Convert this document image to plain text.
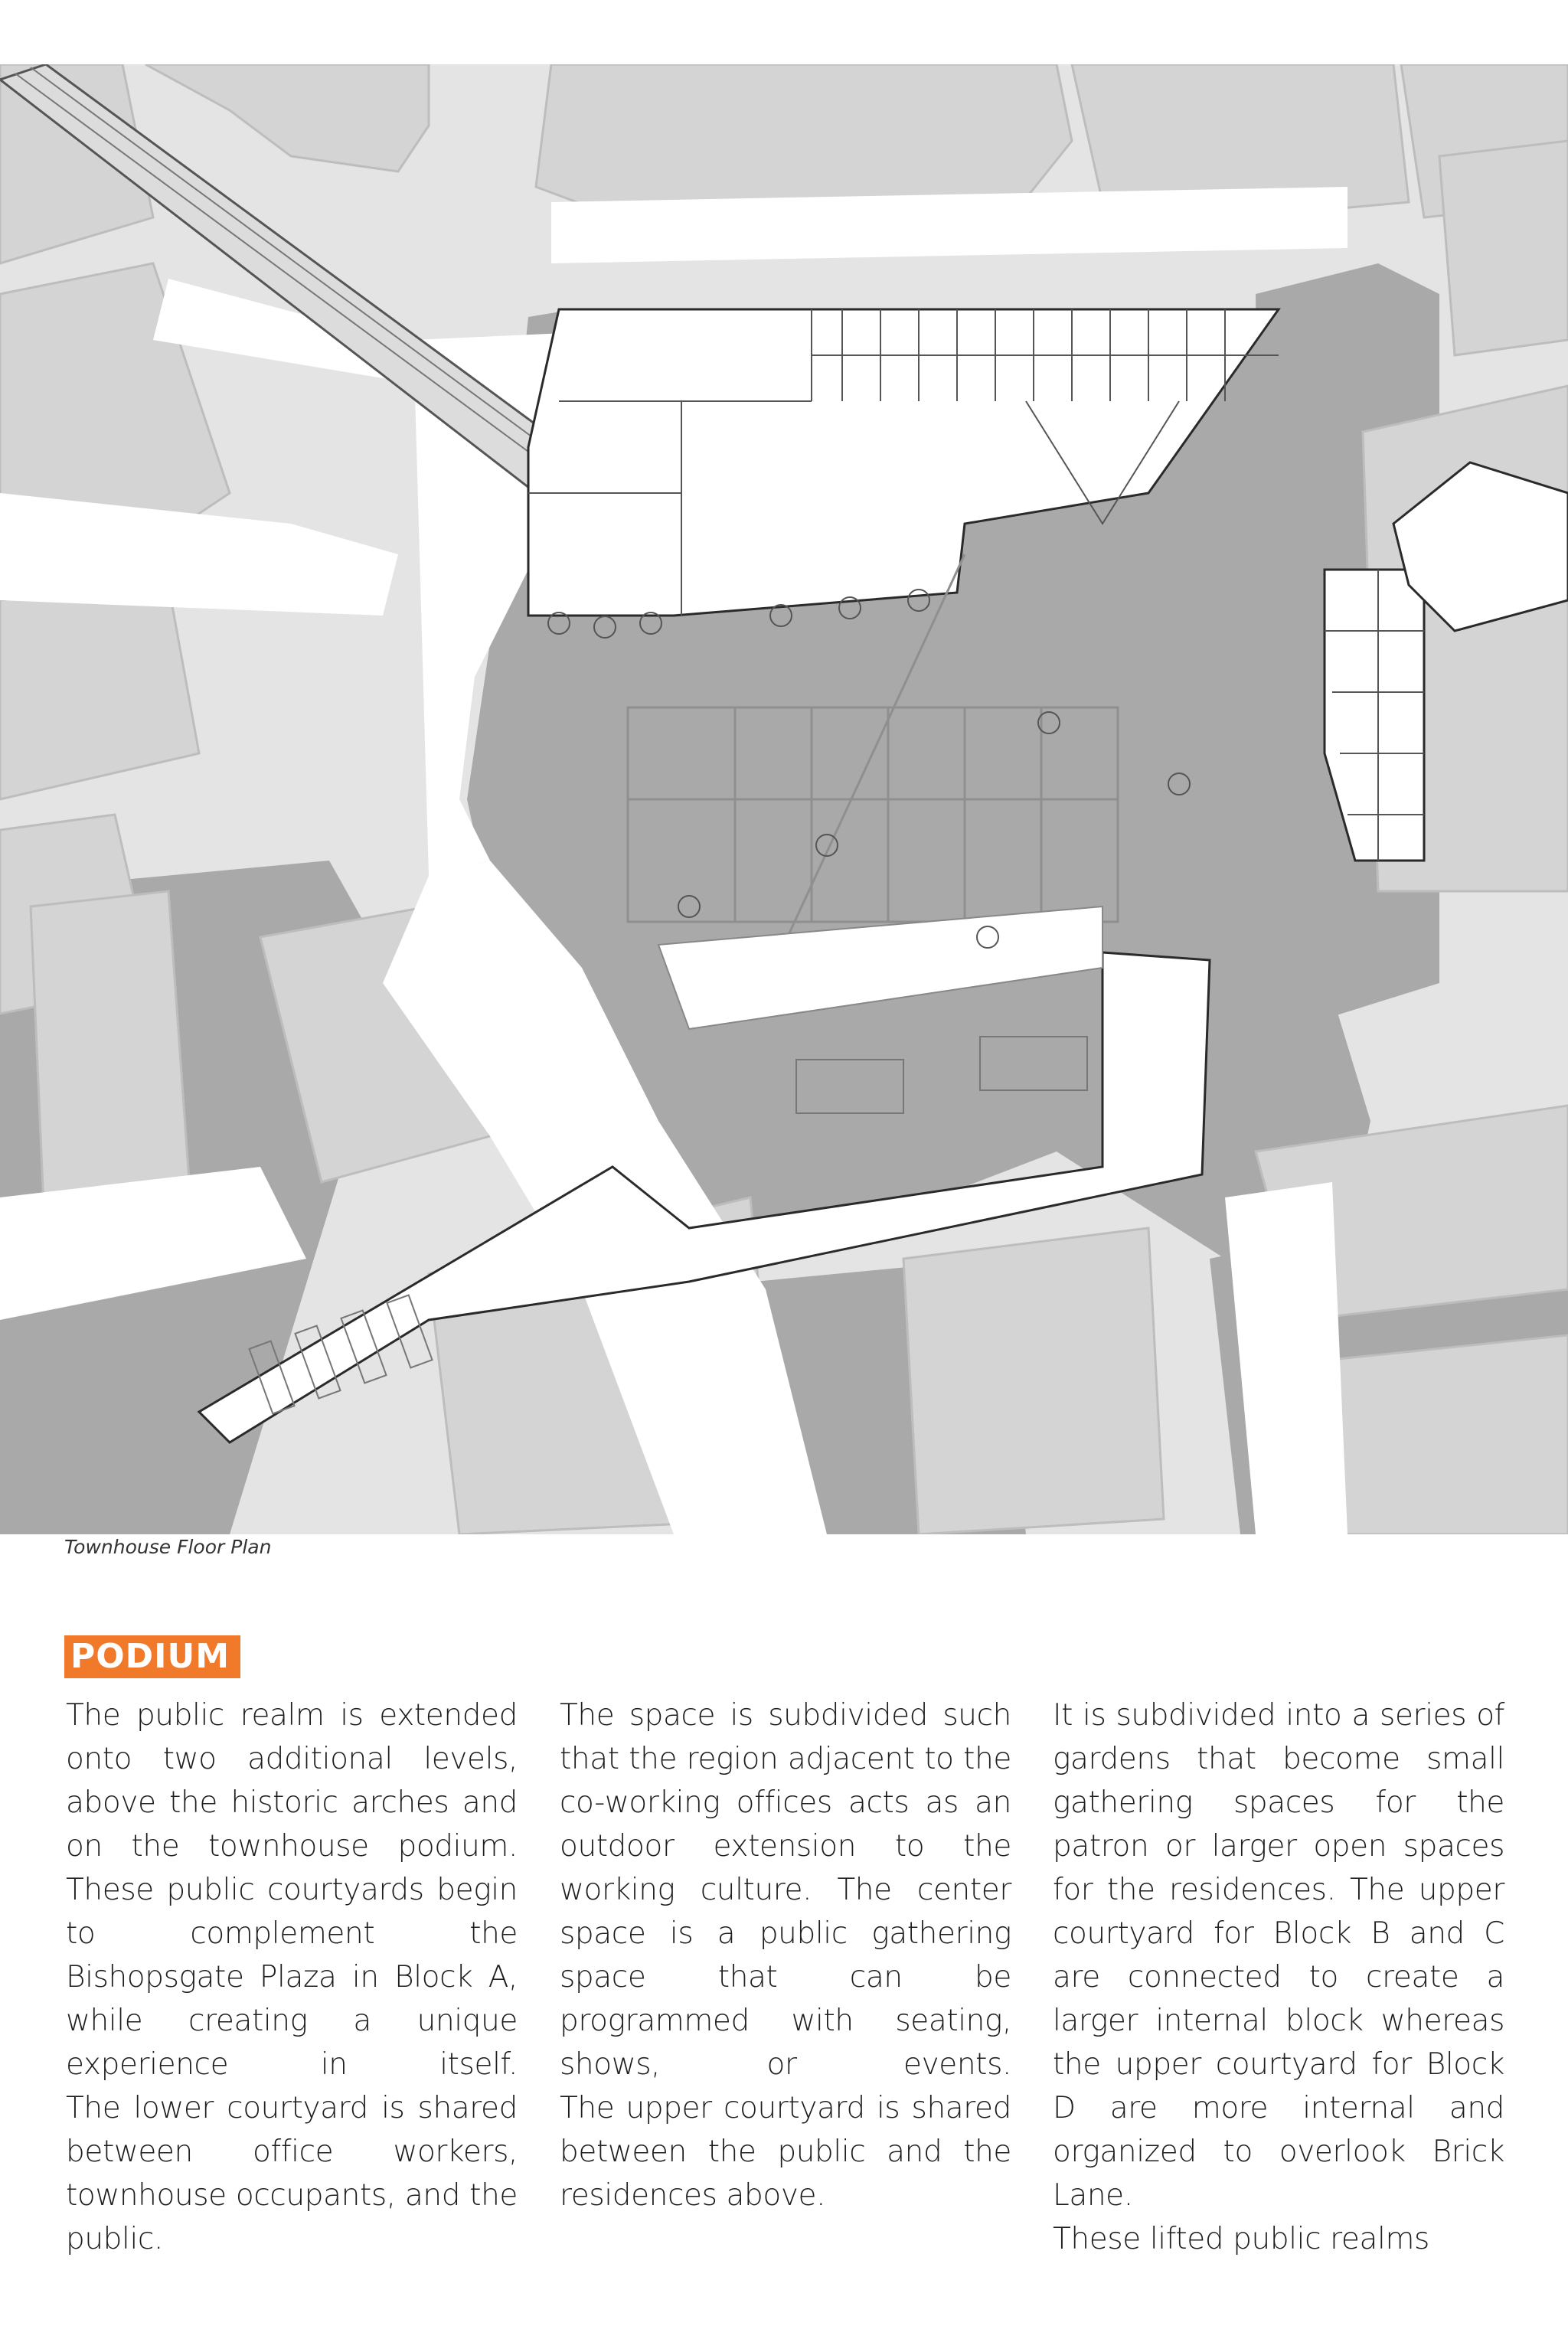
Townhouse Floor Plan
PODIUM

The public realm is extended onto two additional levels, above the historic arches and on the townhouse podium. These public courtyards begin to complement the Bishopsgate Plaza in Block A, while creating a unique experience in itself.

The lower courtyard is shared between office workers, townhouse occupants, and the public.

The space is subdivided such that the region adjacent to the co-working offices acts as an outdoor extension to the working culture. The center space is a public gathering space that can be programmed with seating, shows, or events.

The upper courtyard is shared between the public and the residences above.

It is subdivided into a series of gardens that become small gathering spaces for the patron or larger open spaces for the residences. The upper courtyard for Block B and C are connected to create a larger internal block whereas the upper courtyard for Block D are more internal and organized to overlook Brick Lane.

These lifted public realms
